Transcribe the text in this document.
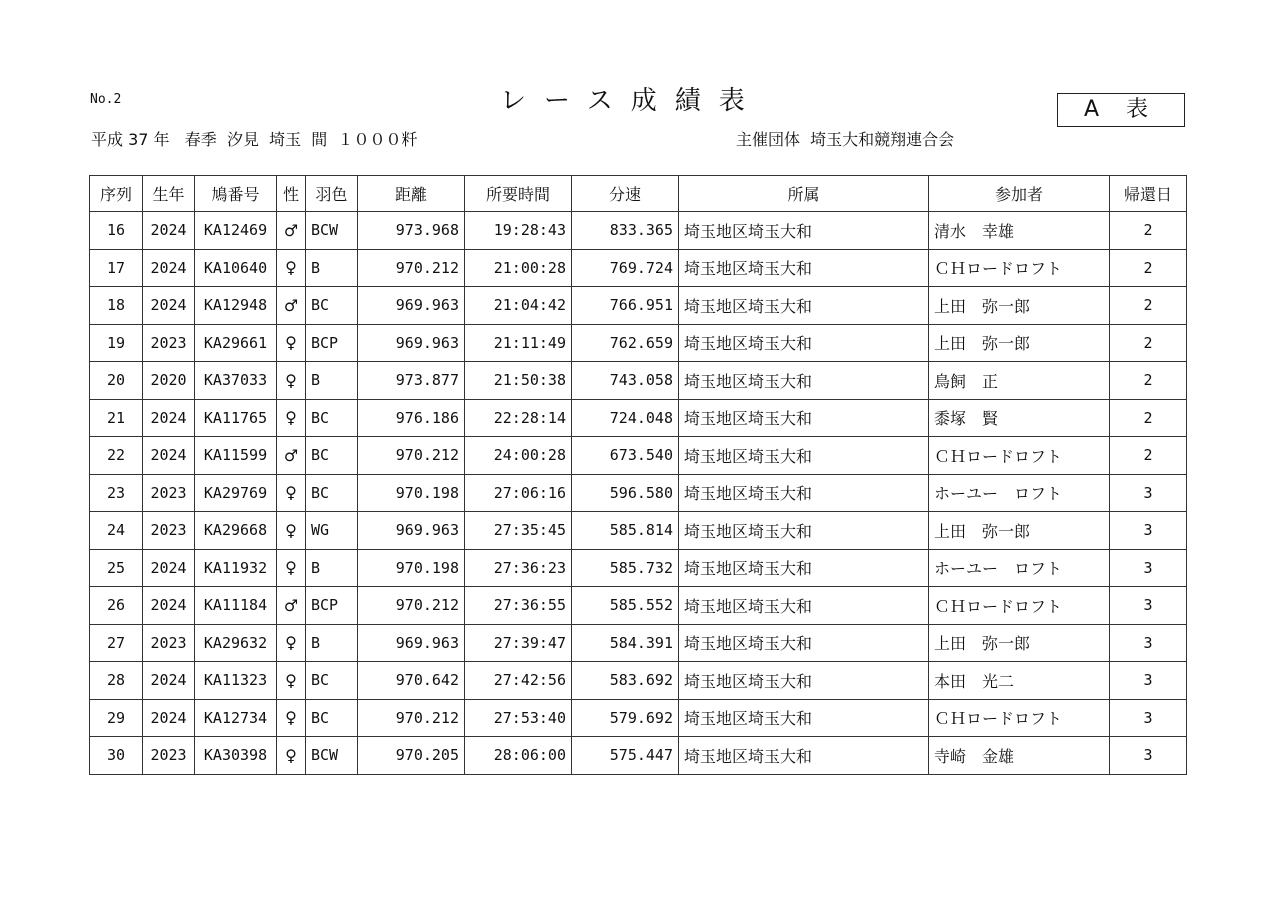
No.2	レース成績表	A 表
平成 37 年   春季  汐見  埼玉  間  １０００粁	主催団体  埼玉大和競翔連合会
序列	生年	鳩番号	性	羽色	距離	所要時間	分速	所属	参加者	帰還日
16	2024	KA12469	♂	BCW	973.968	19:28:43	833.365	埼玉地区埼玉大和	清水　幸雄	2
17	2024	KA10640	♀	B	970.212	21:00:28	769.724	埼玉地区埼玉大和	ＣＨロードロフト	2
18	2024	KA12948	♂	BC	969.963	21:04:42	766.951	埼玉地区埼玉大和	上田　弥一郎	2
19	2023	KA29661	♀	BCP	969.963	21:11:49	762.659	埼玉地区埼玉大和	上田　弥一郎	2
20	2020	KA37033	♀	B	973.877	21:50:38	743.058	埼玉地区埼玉大和	鳥飼　正	2
21	2024	KA11765	♀	BC	976.186	22:28:14	724.048	埼玉地区埼玉大和	黍塚　賢	2
22	2024	KA11599	♂	BC	970.212	24:00:28	673.540	埼玉地区埼玉大和	ＣＨロードロフト	2
23	2023	KA29769	♀	BC	970.198	27:06:16	596.580	埼玉地区埼玉大和	ホーユー　ロフト	3
24	2023	KA29668	♀	WG	969.963	27:35:45	585.814	埼玉地区埼玉大和	上田　弥一郎	3
25	2024	KA11932	♀	B	970.198	27:36:23	585.732	埼玉地区埼玉大和	ホーユー　ロフト	3
26	2024	KA11184	♂	BCP	970.212	27:36:55	585.552	埼玉地区埼玉大和	ＣＨロードロフト	3
27	2023	KA29632	♀	B	969.963	27:39:47	584.391	埼玉地区埼玉大和	上田　弥一郎	3
28	2024	KA11323	♀	BC	970.642	27:42:56	583.692	埼玉地区埼玉大和	本田　光二	3
29	2024	KA12734	♀	BC	970.212	27:53:40	579.692	埼玉地区埼玉大和	ＣＨロードロフト	3
30	2023	KA30398	♀	BCW	970.205	28:06:00	575.447	埼玉地区埼玉大和	寺崎　金雄	3
